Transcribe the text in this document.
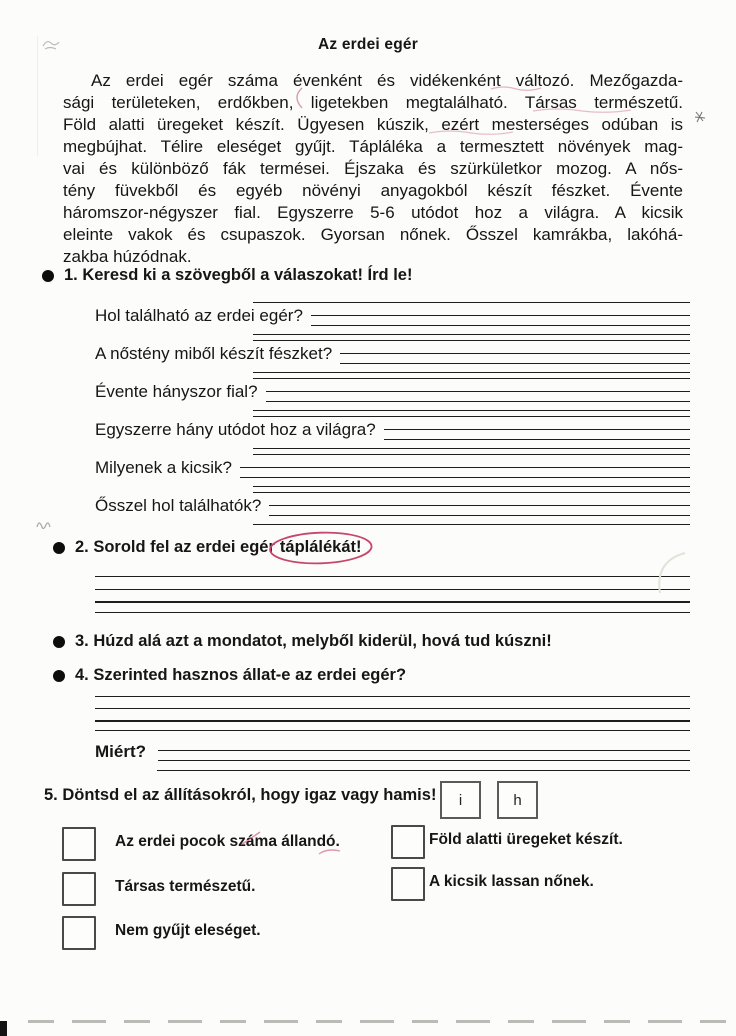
Az erdei egér
Az erdei egér száma évenként és vidékenként változó. Mezőgazda-
sági területeken, erdőkben, ligetekben megtalálható. Társas természetű.
Föld alatti üregeket készít. Ügyesen kúszik, ezért mesterséges odúban is
megbújhat. Télire eleséget gyűjt. Tápláléka a termesztett növények mag-
vai és különböző fák termései. Éjszaka és szürkületkor mozog. A nős-
tény füvekből és egyéb növényi anyagokból készít fészket. Évente
háromszor-négyszer fial. Egyszerre 5-6 utódot hoz a világra. A kicsik
eleinte vakok és csupaszok. Gyorsan nőnek. Ősszel kamrákba, lakóhá-
zakba húzódnak.
1. Keresd ki a szövegből a válaszokat! Írd le!
Hol található az erdei egér?
A nőstény miből készít fészket?
Évente hányszor fial?
Egyszerre hány utódot hoz a világra?
Milyenek a kicsik?
Ősszel hol találhatók?
2. Sorold fel az erdei egér táplálékát!
3. Húzd alá azt a mondatot, melyből kiderül, hová tud kúszni!
4. Szerinted hasznos állat-e az erdei egér?
Miért?
5. Döntsd el az állításokról, hogy igaz vagy hamis! i	h
Az erdei pocok száma állandó.	Föld alatti üregeket készít.
Társas természetű.	A kicsik lassan nőnek.
Nem gyűjt eleséget.
